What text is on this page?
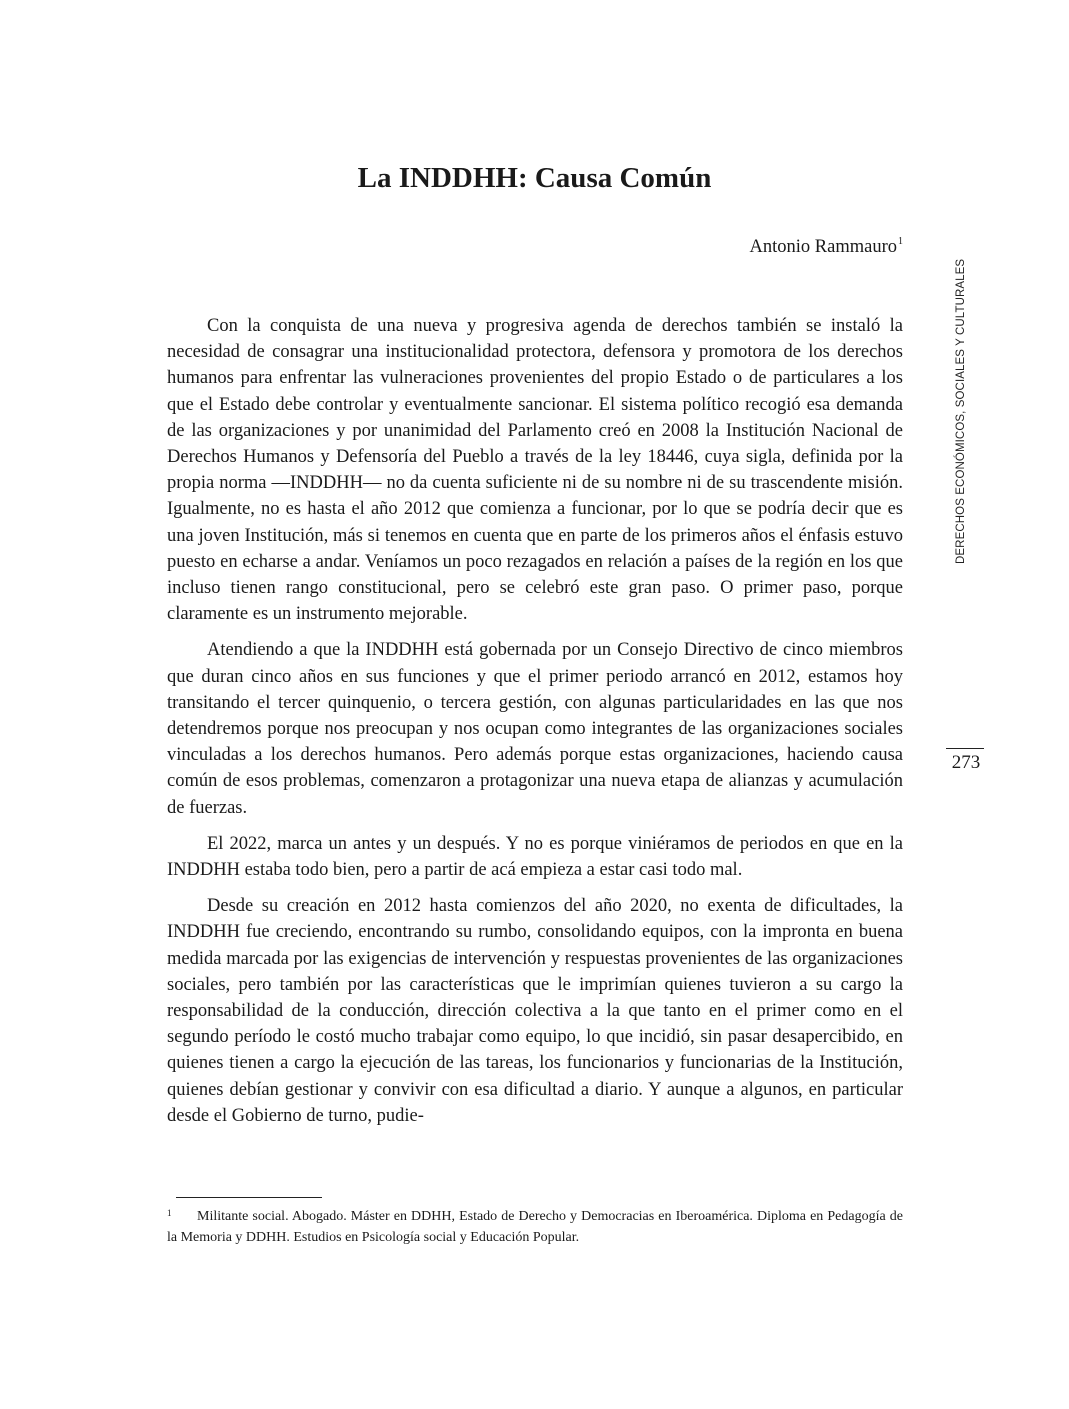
La INDDHH: Causa Común
Antonio Rammauro$^1$

Con la conquista de una nueva y progresiva agenda de derechos también se instaló la necesidad de consagrar una institucionalidad protectora, defensora y promotora de los derechos humanos para enfrentar las vulneraciones provenientes del propio Estado o de particulares a los que el Estado debe controlar y eventualmente sancionar. El sistema político recogió esa demanda de las organizaciones y por unanimidad del Parlamento creó en 2008 la Institución Nacional de Derechos Humanos y Defensoría del Pueblo a través de la ley 18446, cuya sigla, definida por la propia norma —INDDHH— no da cuenta suficiente ni de su nombre ni de su trascendente misión. Igualmente, no es hasta el año 2012 que comienza a funcionar, por lo que se podría decir que es una joven Institución, más si tenemos en cuenta que en parte de los primeros años el énfasis estuvo puesto en echarse a andar. Veníamos un poco rezagados en relación a países de la región en los que incluso tienen rango constitucional, pero se celebró este gran paso. O primer paso, porque claramente es un instrumento mejorable.

Atendiendo a que la INDDHH está gobernada por un Consejo Directivo de cinco miembros que duran cinco años en sus funciones y que el primer periodo arrancó en 2012, estamos hoy transitando el tercer quinquenio, o tercera gestión, con algunas particularidades en las que nos detendremos porque nos preocupan y nos ocupan como integrantes de las organizaciones sociales vinculadas a los derechos humanos. Pero además porque estas organizaciones, haciendo causa común de esos problemas, comenzaron a protagonizar una nueva etapa de alianzas y acumulación de fuerzas.

El 2022, marca un antes y un después. Y no es porque viniéramos de periodos en que en la INDDHH estaba todo bien, pero a partir de acá empieza a estar casi todo mal.

Desde su creación en 2012 hasta comienzos del año 2020, no exenta de dificultades, la INDDHH fue creciendo, encontrando su rumbo, consolidando equipos, con la impronta en buena medida marcada por las exigencias de intervención y respuestas provenientes de las organizaciones sociales, pero también por las características que le imprimían quienes tuvieron a su cargo la responsabilidad de la conducción, dirección colectiva a la que tanto en el primer como en el segundo período le costó mucho trabajar como equipo, lo que incidió, sin pasar desapercibido, en quienes tienen a cargo la ejecución de las tareas, los funcionarios y funcionarias de la Institución, quienes debían gestionar y convivir con esa dificultad a diario. Y aunque a algunos, en particular desde el Gobierno de turno, pudie-

1	Militante social. Abogado. Máster en DDHH, Estado de Derecho y Democracias en Iberoamérica. Diploma en Pedagogía de la Memoria y DDHH. Estudios en Psicología social y Educación Popular.

DERECHOS ECONÓMICOS, SOCIALES Y CULTURALES
273
